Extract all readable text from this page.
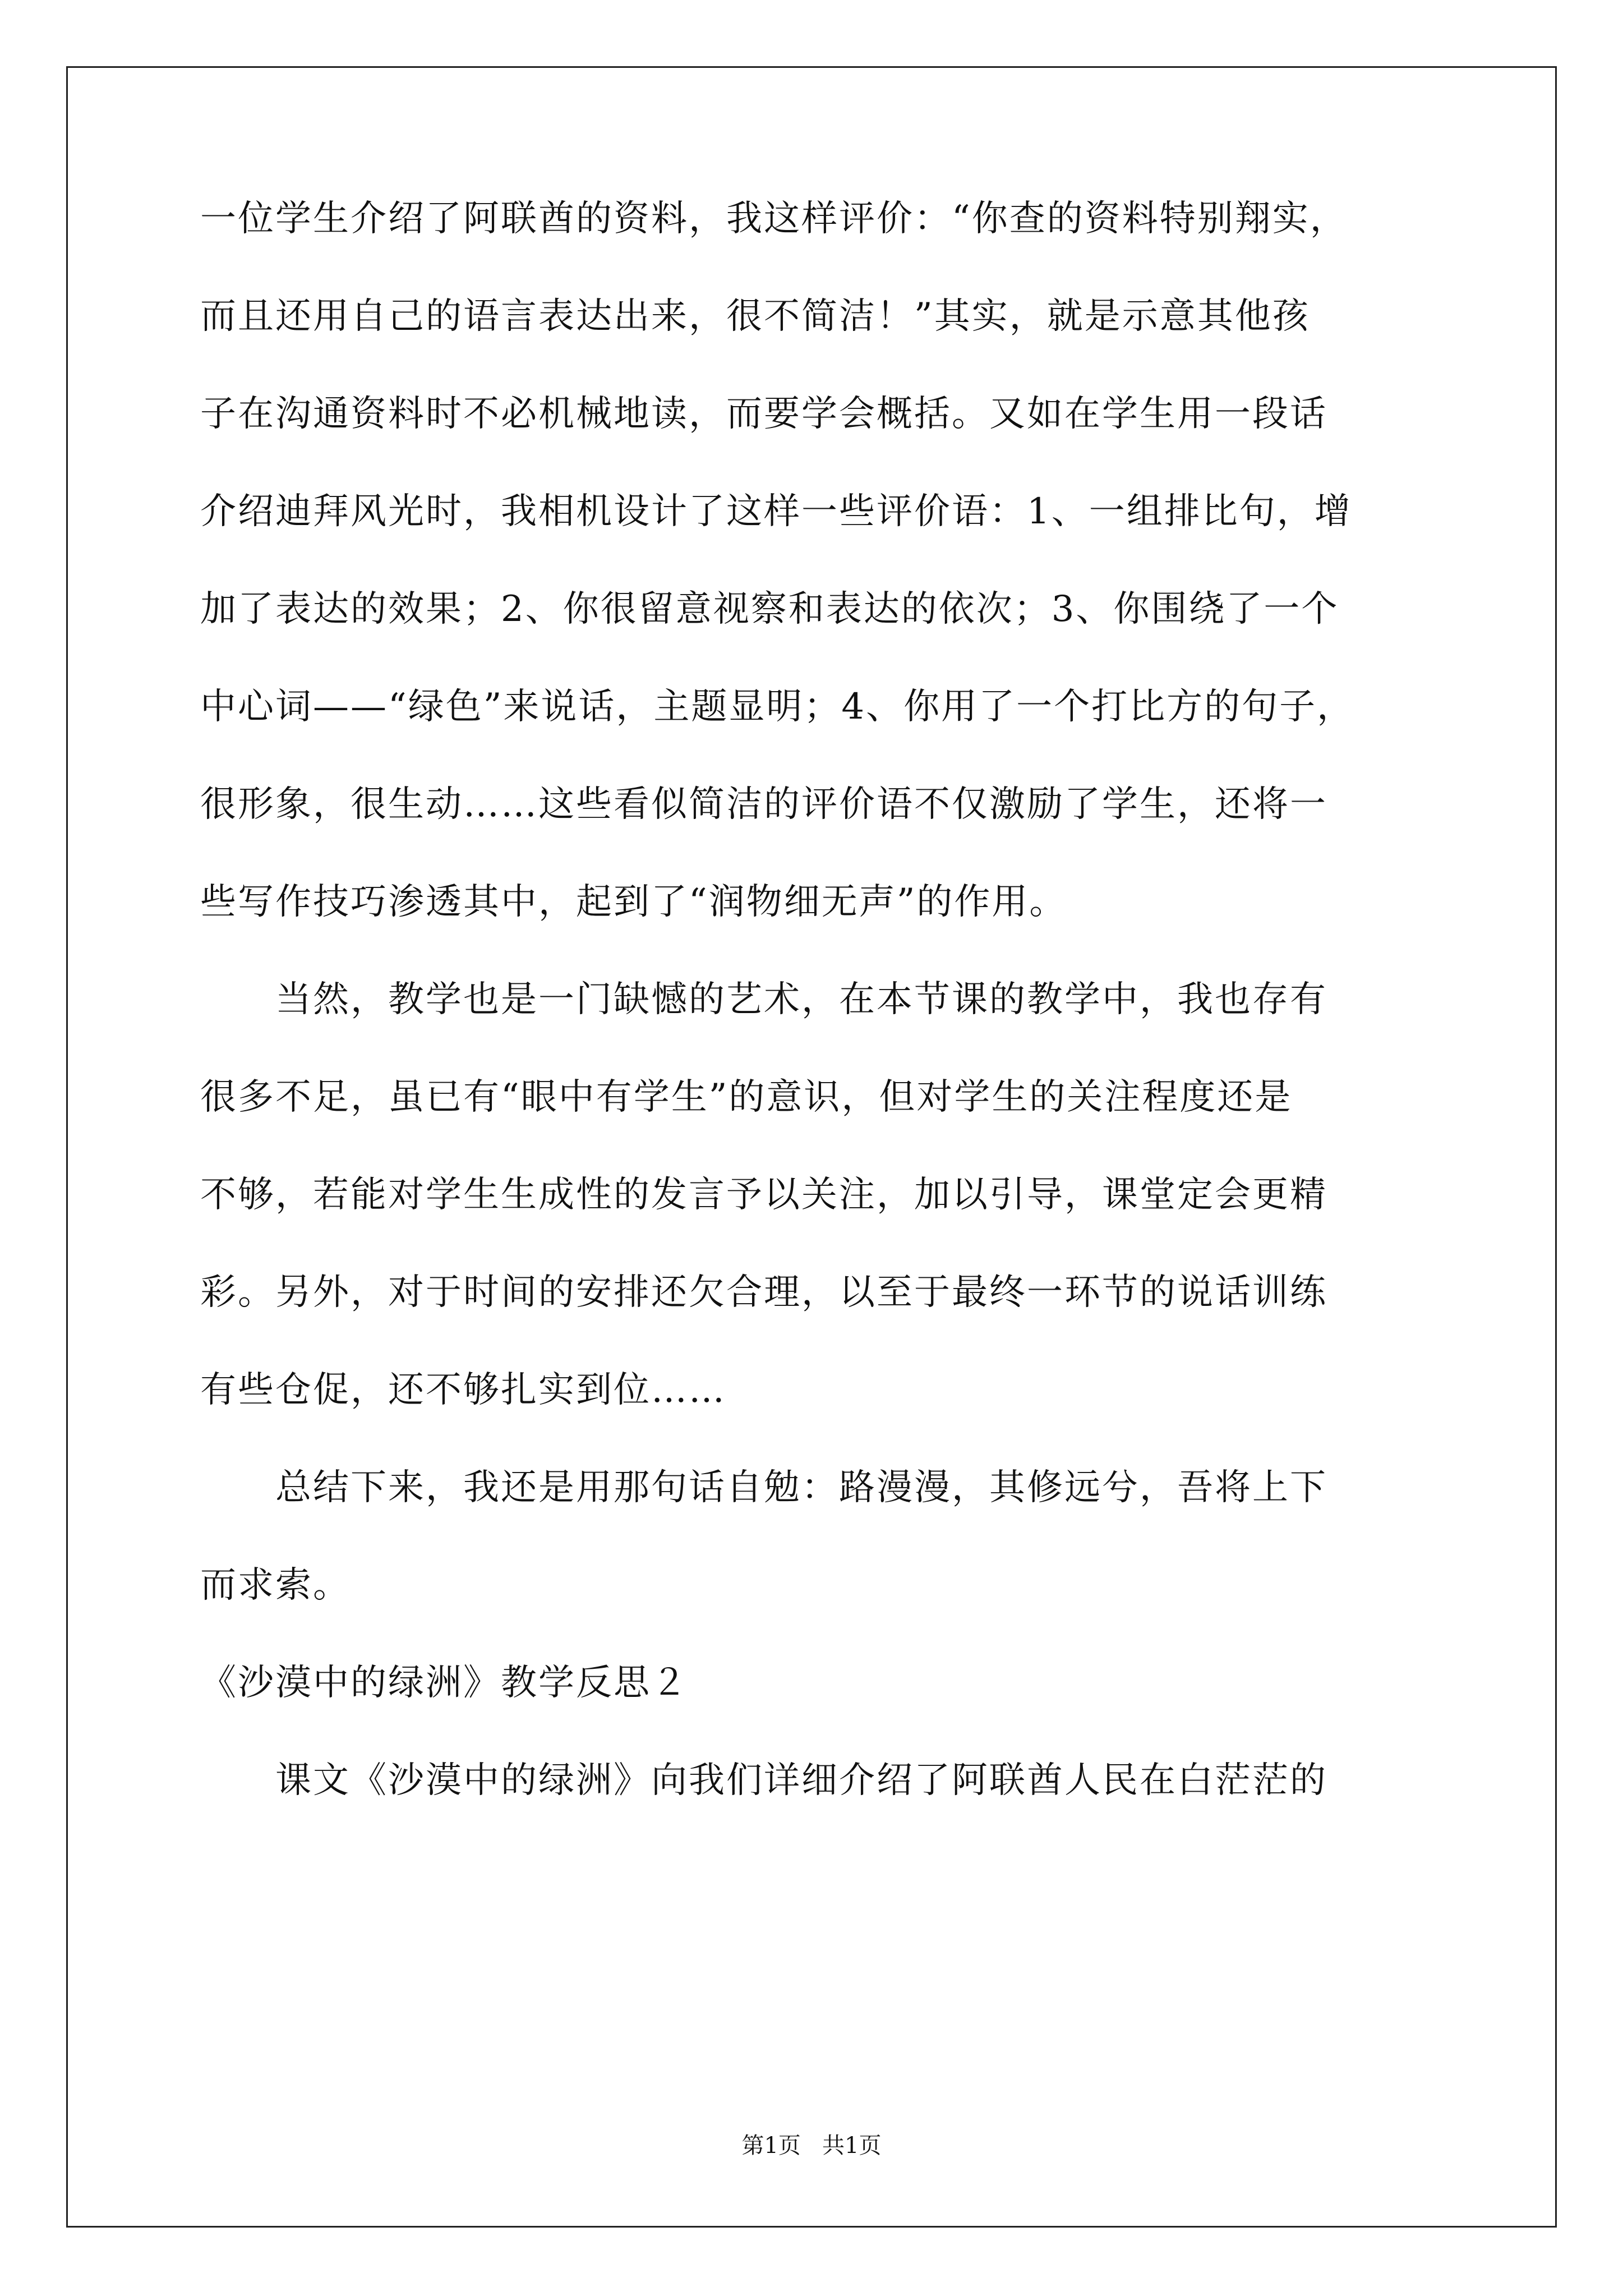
一位学生介绍了阿联酋的资料，我这样评价：“你查的资料特别翔实，
而且还用自己的语言表达出来，很不简洁！”其实，就是示意其他孩
子在沟通资料时不必机械地读，而要学会概括。又如在学生用一段话
介绍迪拜风光时，我相机设计了这样一些评价语：1、一组排比句，增
加了表达的效果；2、你很留意视察和表达的依次；3、你围绕了一个
中心词——“绿色”来说话，主题显明；4、你用了一个打比方的句子，
很形象，很生动……这些看似简洁的评价语不仅激励了学生，还将一
些写作技巧渗透其中，起到了“润物细无声”的作用。
　　当然，教学也是一门缺憾的艺术，在本节课的教学中，我也存有
很多不足，虽已有“眼中有学生”的意识，但对学生的关注程度还是
不够，若能对学生生成性的发言予以关注，加以引导，课堂定会更精
彩。另外，对于时间的安排还欠合理，以至于最终一环节的说话训练
有些仓促，还不够扎实到位……
　　总结下来，我还是用那句话自勉：路漫漫，其修远兮，吾将上下
而求索。
《沙漠中的绿洲》教学反思２
　　课文《沙漠中的绿洲》向我们详细介绍了阿联酋人民在白茫茫的
第1页   共1页
